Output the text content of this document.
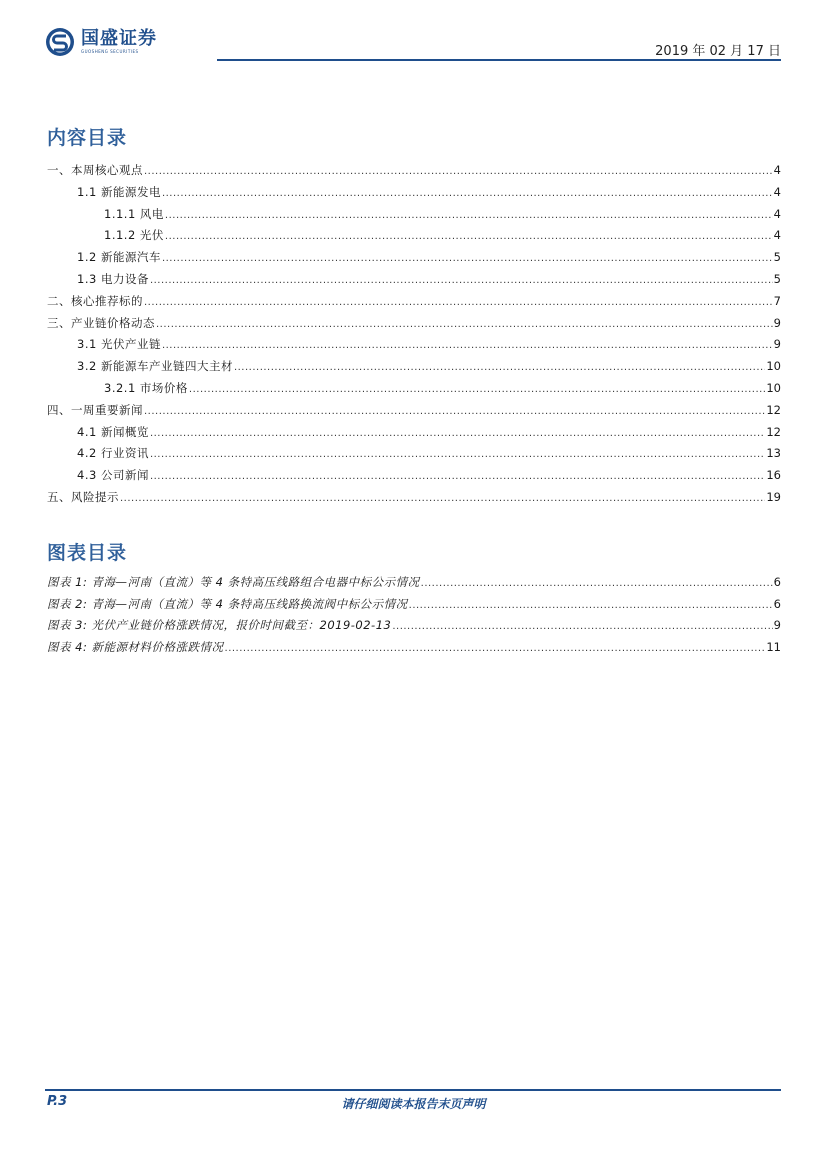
国盛证券
GUOSHENG SECURITIES	2019 年 02 月 17 日
内容目录
一、本周核心观点 .....	4
1.1 新能源发电 .....	4
1.1.1 风电 .....	4
1.1.2 光伏 .....	4
1.2 新能源汽车 .....	5
1.3 电力设备 .....	5
二、核心推荐标的 .....	7
三、产业链价格动态 .....	9
3.1 光伏产业链 .....	9
3.2 新能源车产业链四大主材 .....	10
3.2.1 市场价格 .....	10
四、一周重要新闻 .....	12
4.1 新闻概览 .....	12
4.2 行业资讯 .....	13
4.3 公司新闻 .....	16
五、风险提示 .....	19
图表目录
图表 1: 青海—河南（直流）等 4 条特高压线路组合电器中标公示情况 .....	6
图表 2: 青海—河南（直流）等 4 条特高压线路换流阀中标公示情况 .....	6
图表 3: 光伏产业链价格涨跌情况，报价时间截至：2019-02-13 .....	9
图表 4: 新能源材料价格涨跌情况 .....	11
P.3	请仔细阅读本报告末页声明
